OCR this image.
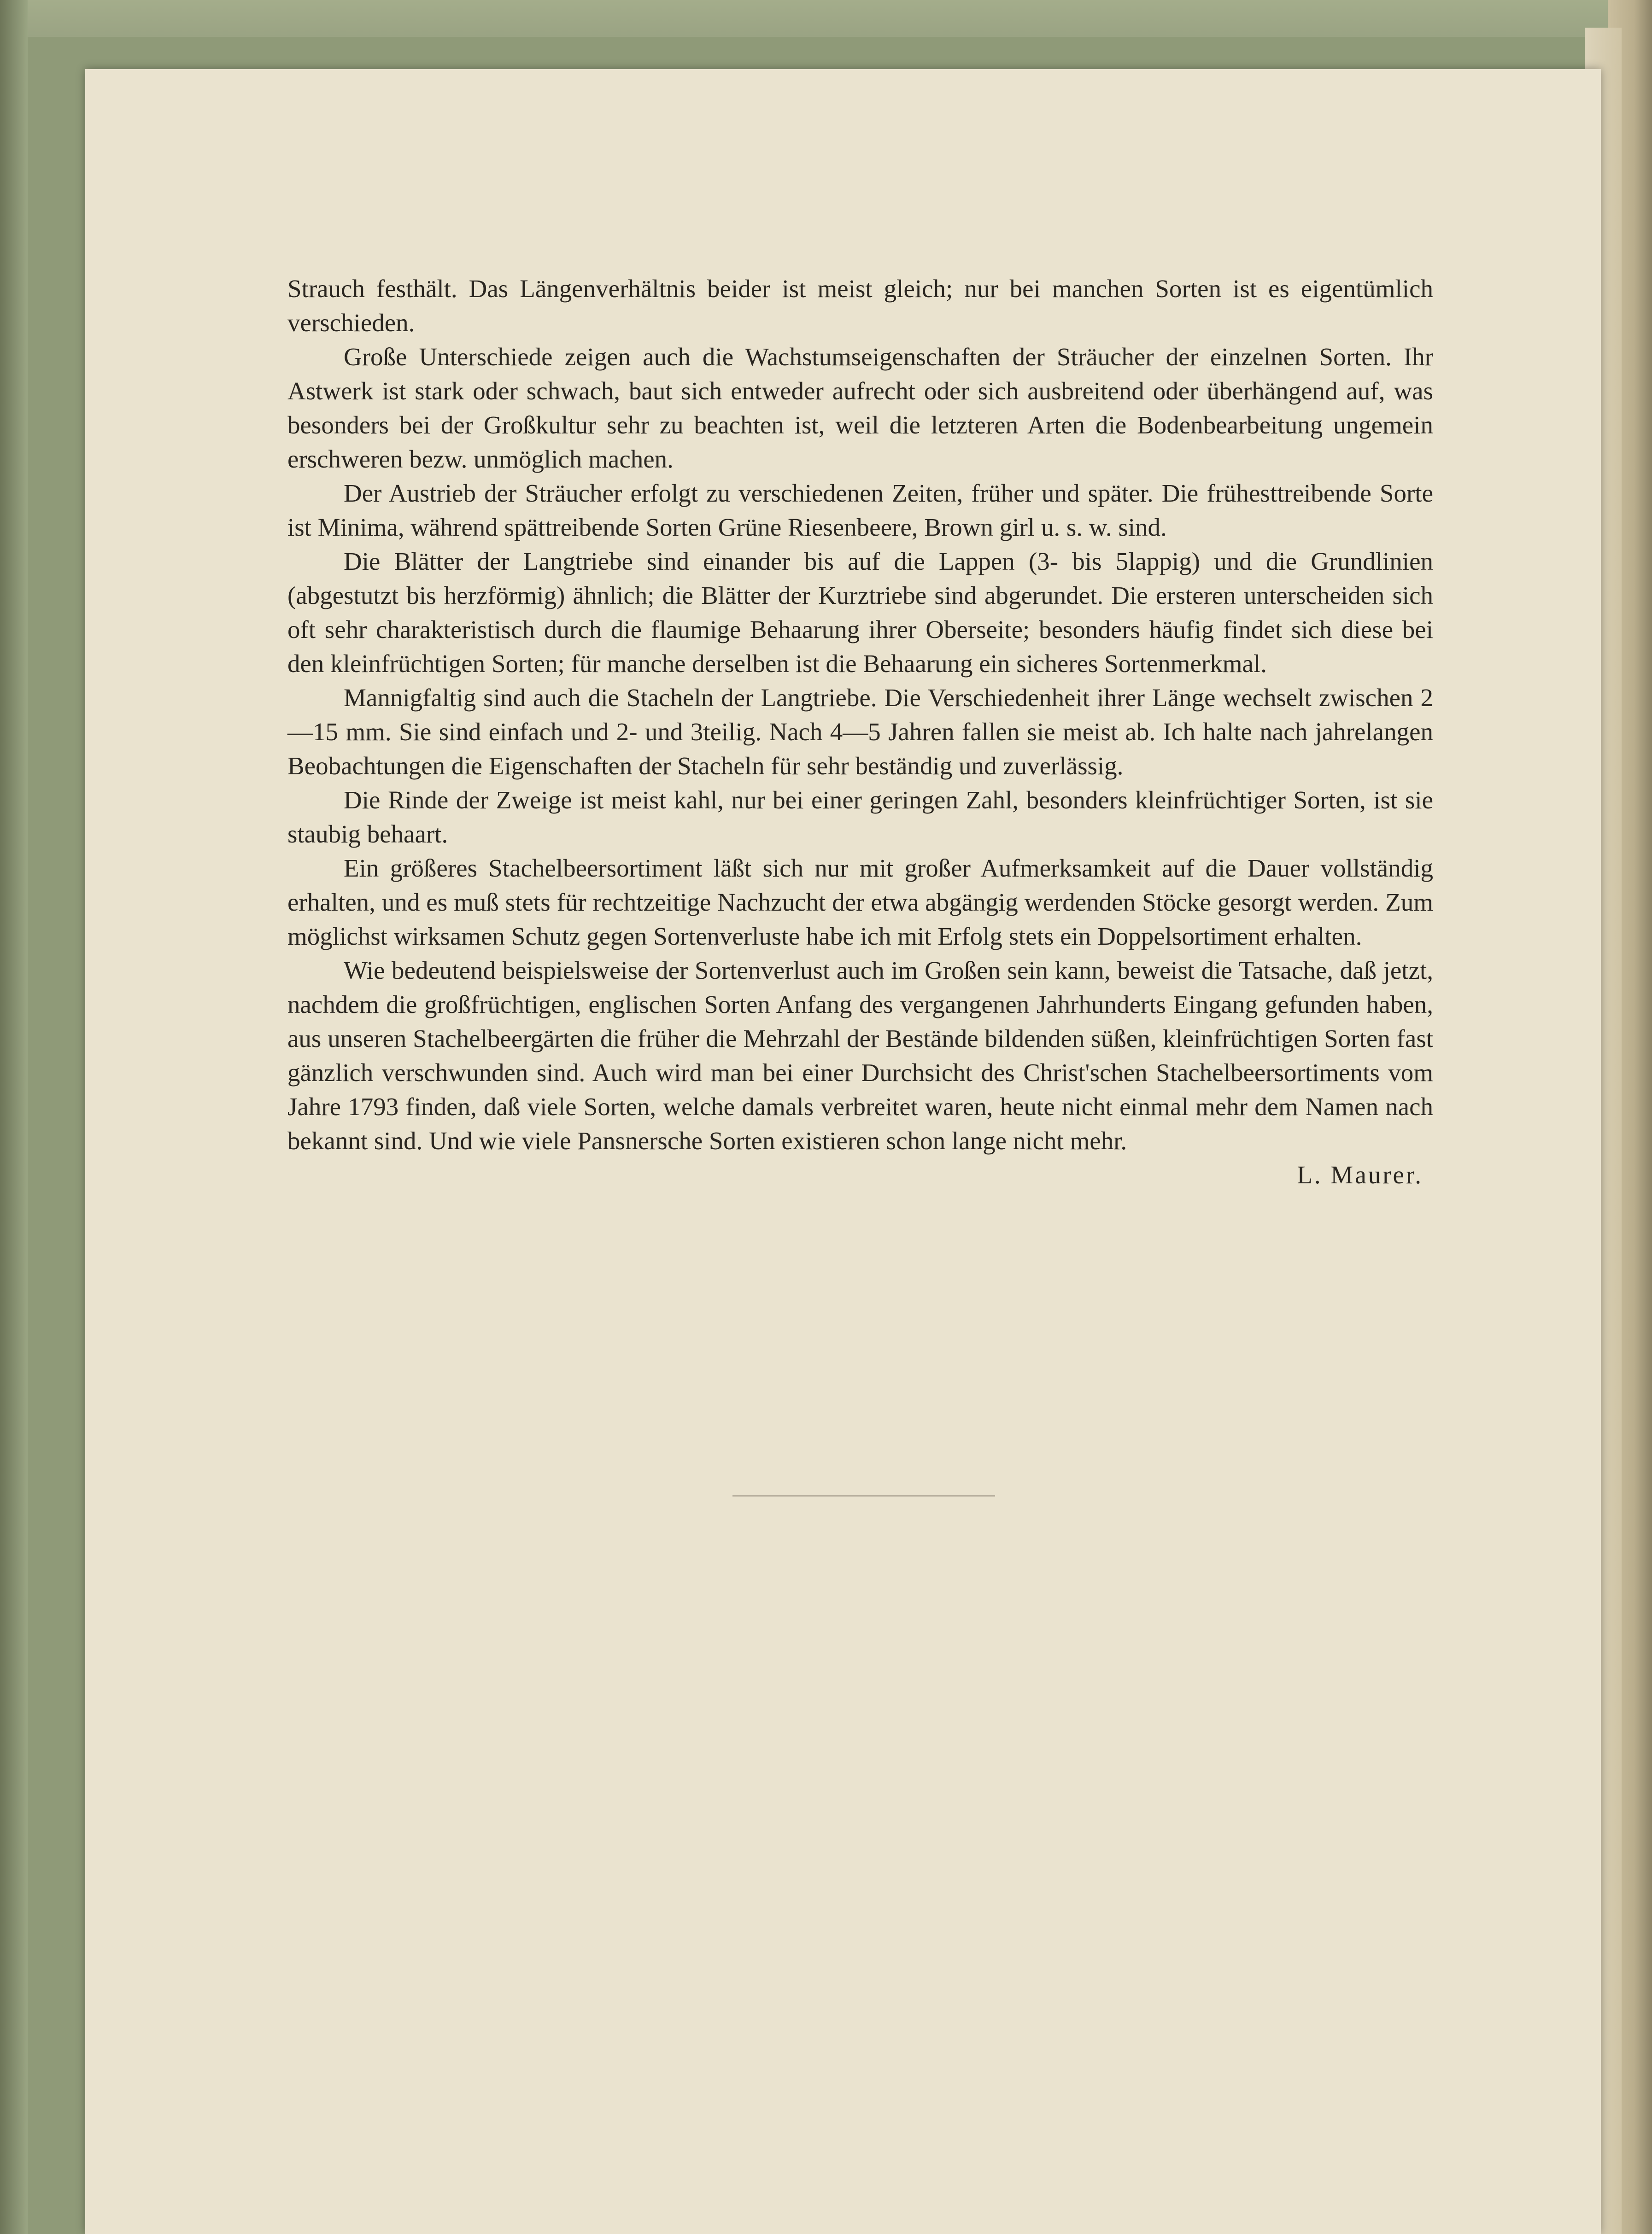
Strauch festhält. Das Längenverhältnis beider ist meist gleich; nur bei manchen Sorten ist es eigentümlich verschieden.

Große Unterschiede zeigen auch die Wachstumseigenschaften der Sträucher der einzelnen Sorten. Ihr Astwerk ist stark oder schwach, baut sich entweder aufrecht oder sich ausbreitend oder überhängend auf, was besonders bei der Großkultur sehr zu beachten ist, weil die letzteren Arten die Bodenbearbeitung ungemein erschweren bezw. unmöglich machen.

Der Austrieb der Sträucher erfolgt zu verschiedenen Zeiten, früher und später. Die frühesttreibende Sorte ist Minima, während spättreibende Sorten Grüne Riesenbeere, Brown girl u. s. w. sind.

Die Blätter der Langtriebe sind einander bis auf die Lappen (3- bis 5lappig) und die Grundlinien (abgestutzt bis herzförmig) ähnlich; die Blätter der Kurztriebe sind abgerundet. Die ersteren unterscheiden sich oft sehr charakteristisch durch die flaumige Behaarung ihrer Oberseite; besonders häufig findet sich diese bei den kleinfrüchtigen Sorten; für manche derselben ist die Behaarung ein sicheres Sortenmerkmal.

Mannigfaltig sind auch die Stacheln der Langtriebe. Die Verschiedenheit ihrer Länge wechselt zwischen 2—15 mm. Sie sind einfach und 2- und 3teilig. Nach 4—5 Jahren fallen sie meist ab. Ich halte nach jahrelangen Beobachtungen die Eigenschaften der Stacheln für sehr beständig und zuverlässig.

Die Rinde der Zweige ist meist kahl, nur bei einer geringen Zahl, besonders kleinfrüchtiger Sorten, ist sie staubig behaart.

Ein größeres Stachelbeersortiment läßt sich nur mit großer Aufmerksamkeit auf die Dauer vollständig erhalten, und es muß stets für rechtzeitige Nachzucht der etwa abgängig werdenden Stöcke gesorgt werden. Zum möglichst wirksamen Schutz gegen Sortenverluste habe ich mit Erfolg stets ein Doppelsortiment erhalten.

Wie bedeutend beispielsweise der Sortenverlust auch im Großen sein kann, beweist die Tatsache, daß jetzt, nachdem die großfrüchtigen, englischen Sorten Anfang des vergangenen Jahrhunderts Eingang gefunden haben, aus unseren Stachelbeergärten die früher die Mehrzahl der Bestände bildenden süßen, kleinfrüchtigen Sorten fast gänzlich verschwunden sind. Auch wird man bei einer Durchsicht des Christ'schen Stachelbeersortiments vom Jahre 1793 finden, daß viele Sorten, welche damals verbreitet waren, heute nicht einmal mehr dem Namen nach bekannt sind. Und wie viele Pansnersche Sorten existieren schon lange nicht mehr.

L. Maurer.
